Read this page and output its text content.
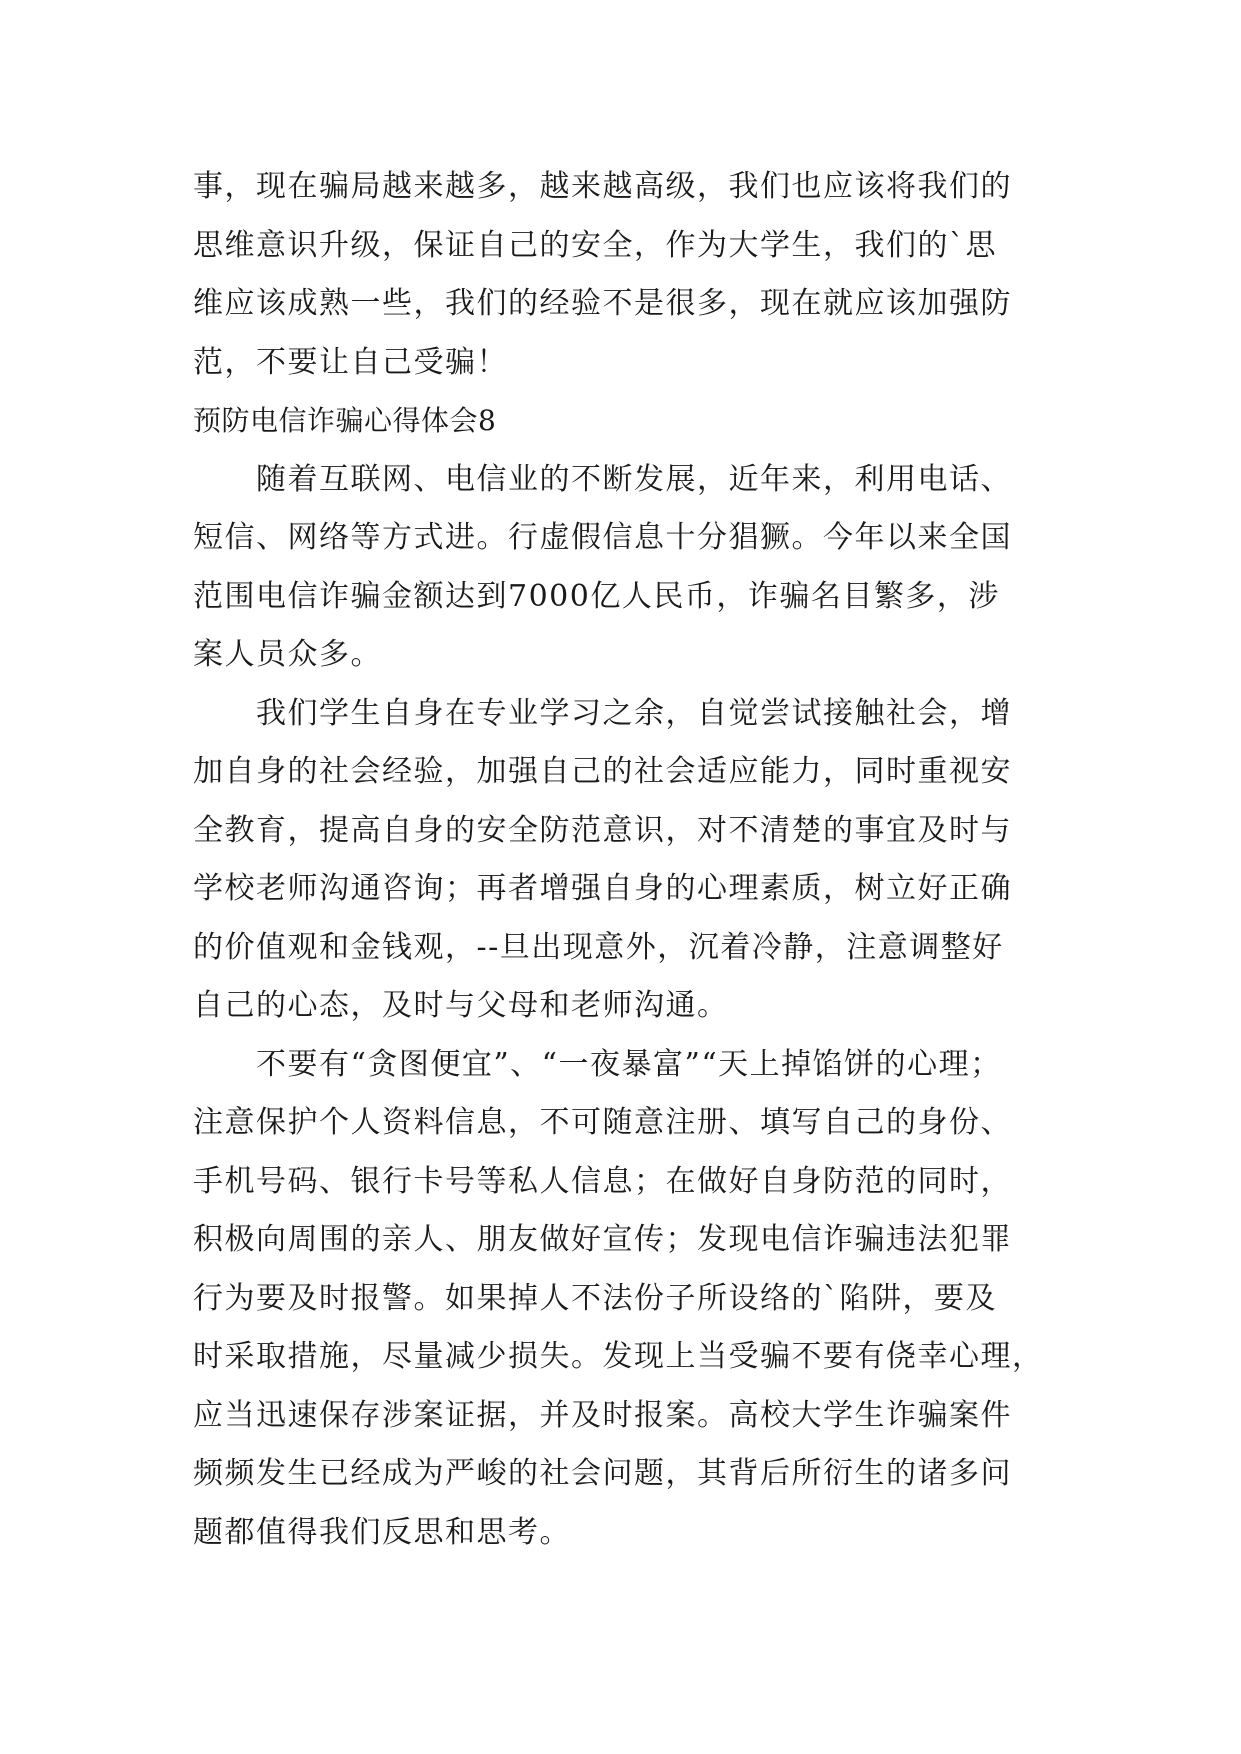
事，现在骗局越来越多，越来越高级，我们也应该将我们的
思维意识升级，保证自己的安全，作为大学生，我们的`思
维应该成熟一些，我们的经验不是很多，现在就应该加强防
范，不要让自己受骗！
预防电信诈骗心得体会8
　　随着互联网、电信业的不断发展，近年来，利用电话、
短信、网络等方式进。行虚假信息十分猖獗。今年以来全国
范围电信诈骗金额达到7000亿人民币，诈骗名目繁多，涉
案人员众多。
　　我们学生自身在专业学习之余，自觉尝试接触社会，增
加自身的社会经验，加强自己的社会适应能力，同时重视安
全教育，提高自身的安全防范意识，对不清楚的事宜及时与
学校老师沟通咨询；再者增强自身的心理素质，树立好正确
的价值观和金钱观，--旦出现意外，沉着冷静，注意调整好
自己的心态，及时与父母和老师沟通。
　　不要有“贪图便宜”、“一夜暴富”“天上掉馅饼的心理；
注意保护个人资料信息，不可随意注册、填写自己的身份、
手机号码、银行卡号等私人信息；在做好自身防范的同时，
积极向周围的亲人、朋友做好宣传；发现电信诈骗违法犯罪
行为要及时报警。如果掉人不法份子所设络的`陷阱，要及
时采取措施，尽量减少损失。发现上当受骗不要有侥幸心理，
应当迅速保存涉案证据，并及时报案。高校大学生诈骗案件
频频发生已经成为严峻的社会问题，其背后所衍生的诸多问
题都值得我们反思和思考。
